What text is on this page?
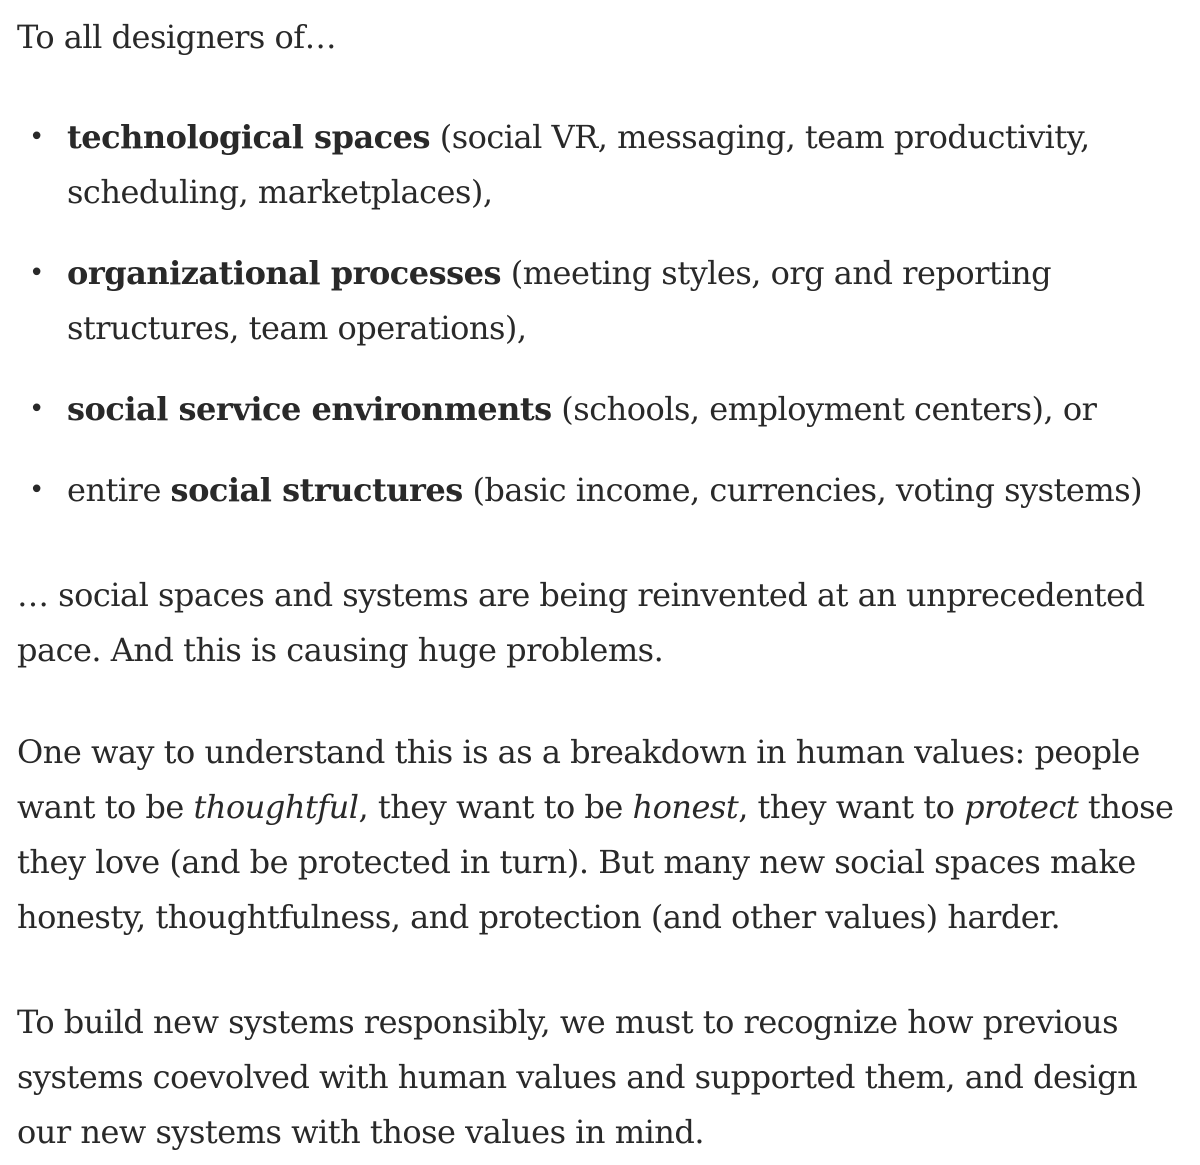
To all designers of…

• technological spaces (social VR, messaging, team productivity, scheduling, marketplaces),
• organizational processes (meeting styles, org and reporting structures, team operations),
• social service environments (schools, employment centers), or
• entire social structures (basic income, currencies, voting systems)

… social spaces and systems are being reinvented at an unprecedented pace. And this is causing huge problems.

One way to understand this is as a breakdown in human values: people want to be thoughtful, they want to be honest, they want to protect those they love (and be protected in turn). But many new social spaces make honesty, thoughtfulness, and protection (and other values) harder.

To build new systems responsibly, we must to recognize how previous systems coevolved with human values and supported them, and design our new systems with those values in mind.
